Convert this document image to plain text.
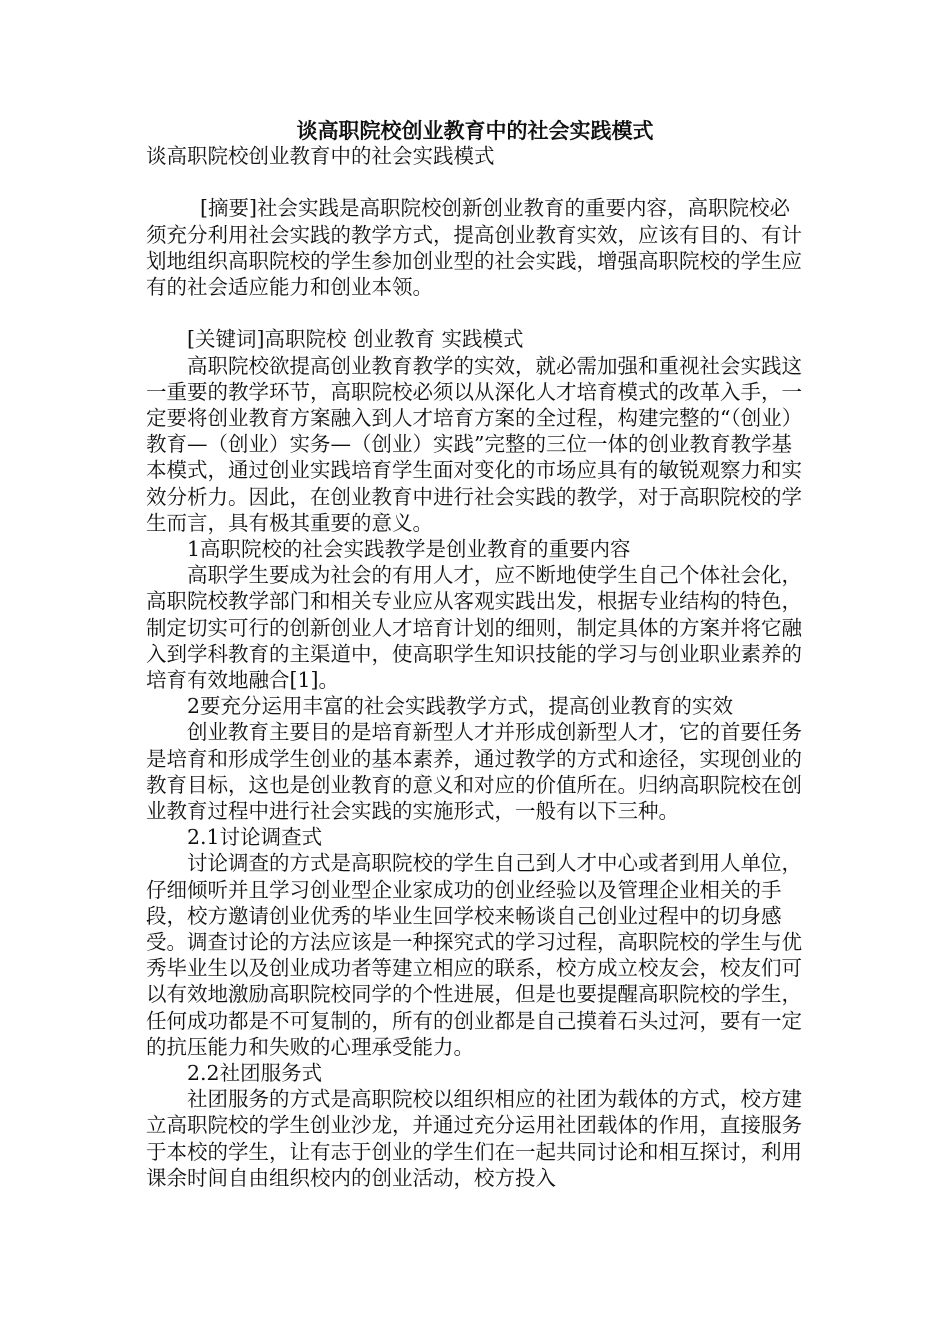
谈高职院校创业教育中的社会实践模式

谈高职院校创业教育中的社会实践模式

[摘要]社会实践是高职院校创新创业教育的重要内容，高职院校必须充分利用社会实践的教学方式，提高创业教育实效，应该有目的、有计划地组织高职院校的学生参加创业型的社会实践，增强高职院校的学生应有的社会适应能力和创业本领。

[关键词]高职院校 创业教育 实践模式

高职院校欲提高创业教育教学的实效，就必需加强和重视社会实践这一重要的教学环节，高职院校必须以从深化人才培育模式的改革入手，一定要将创业教育方案融入到人才培育方案的全过程，构建完整的“（创业）教育—（创业）实务—（创业）实践”完整的三位一体的创业教育教学基本模式，通过创业实践培育学生面对变化的市场应具有的敏锐观察力和实效分析力。因此，在创业教育中进行社会实践的教学，对于高职院校的学生而言，具有极其重要的意义。

1高职院校的社会实践教学是创业教育的重要内容

高职学生要成为社会的有用人才，应不断地使学生自己个体社会化，高职院校教学部门和相关专业应从客观实践出发，根据专业结构的特色，制定切实可行的创新创业人才培育计划的细则，制定具体的方案并将它融入到学科教育的主渠道中，使高职学生知识技能的学习与创业职业素养的培育有效地融合[1]。

2要充分运用丰富的社会实践教学方式，提高创业教育的实效

创业教育主要目的是培育新型人才并形成创新型人才，它的首要任务是培育和形成学生创业的基本素养，通过教学的方式和途径，实现创业的教育目标，这也是创业教育的意义和对应的价值所在。归纳高职院校在创业教育过程中进行社会实践的实施形式，一般有以下三种。

2.1讨论调查式

讨论调查的方式是高职院校的学生自己到人才中心或者到用人单位，仔细倾听并且学习创业型企业家成功的创业经验以及管理企业相关的手段，校方邀请创业优秀的毕业生回学校来畅谈自己创业过程中的切身感受。调查讨论的方法应该是一种探究式的学习过程，高职院校的学生与优秀毕业生以及创业成功者等建立相应的联系，校方成立校友会，校友们可以有效地激励高职院校同学的个性进展，但是也要提醒高职院校的学生，任何成功都是不可复制的，所有的创业都是自己摸着石头过河，要有一定的抗压能力和失败的心理承受能力。

2.2社团服务式

社团服务的方式是高职院校以组织相应的社团为载体的方式，校方建立高职院校的学生创业沙龙，并通过充分运用社团载体的作用，直接服务于本校的学生，让有志于创业的学生们在一起共同讨论和相互探讨，利用课余时间自由组织校内的创业活动，校方投入
